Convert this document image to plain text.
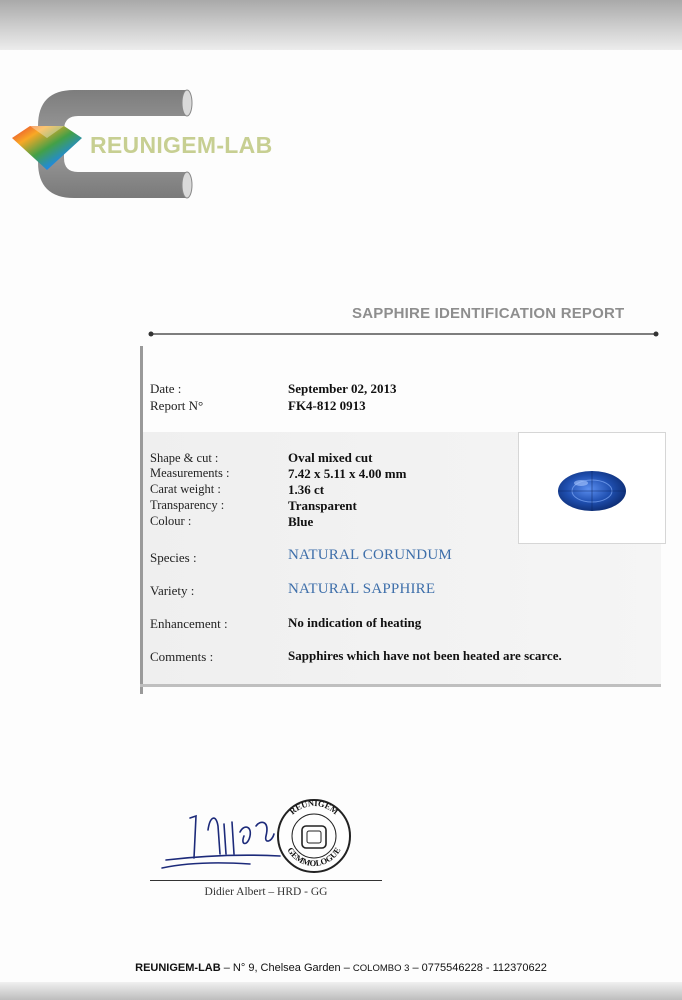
REUNIGEM-LAB
SAPPHIRE IDENTIFICATION REPORT
Date :	September 02, 2013
Report N°	FK4-812 0913
Shape & cut :	Oval mixed cut
Measurements :	7.42 x 5.11 x 4.00 mm
Carat weight :	1.36 ct
Transparency :	Transparent
Colour :	Blue
Species :	NATURAL CORUNDUM
Variety :	NATURAL SAPPHIRE
Enhancement :	No indication of heating
Comments :	Sapphires which have not been heated are scarce.
REUNIGEM
GEMMOLOGUE
Didier Albert – HRD - GG
REUNIGEM-LAB – N° 9, Chelsea Garden – COLOMBO 3 – 0775546228 - 112370622
